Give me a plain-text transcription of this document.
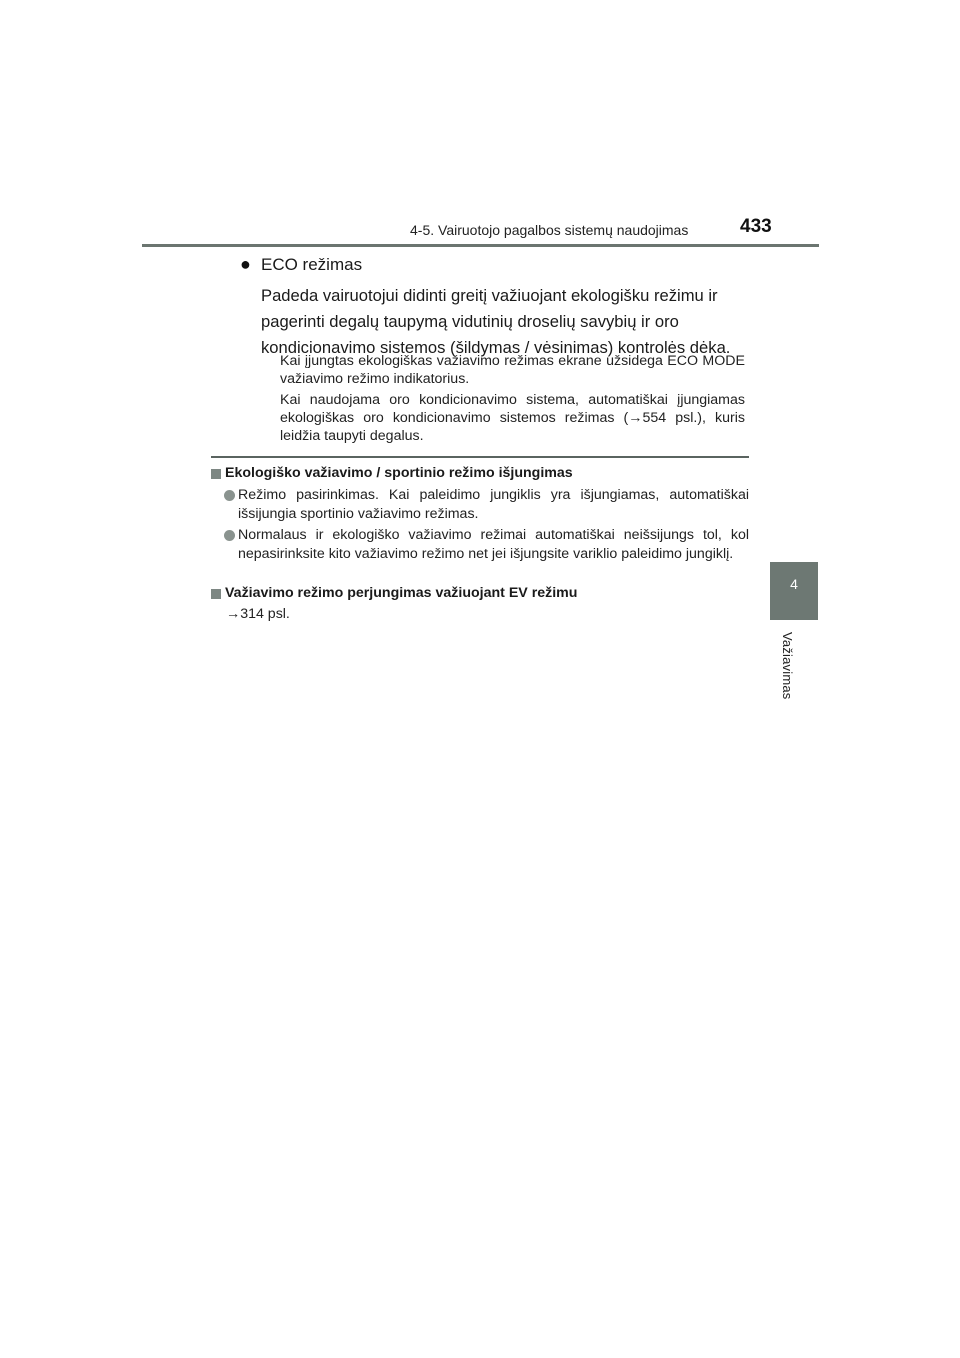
4-5. Vairuotojo pagalbos sistemų naudojimas	433
4
Važiavimas
● ECO režimas
Padeda vairuotojui didinti greitį važiuojant ekologišku režimu ir
pagerinti degalų taupymą vidutinių droselių savybių ir oro
kondicionavimo sistemos (šildymas / vėsinimas) kontrolės dėka.
Kai įjungtas ekologiškas važiavimo režimas ekrane užsidega ECO MODE važiavimo režimo indikatorius.
Kai naudojama oro kondicionavimo sistema, automatiškai įjungiamas ekologiškas oro kondicionavimo sistemos režimas (→554 psl.), kuris leidžia taupyti degalus.
Ekologiško važiavimo / sportinio režimo išjungimas
Režimo pasirinkimas. Kai paleidimo jungiklis yra išjungiamas, automatiškai išsijungia sportinio važiavimo režimas.
Normalaus ir ekologiško važiavimo režimai automatiškai neišsijungs tol, kol nepasirinksite kito važiavimo režimo net jei išjungsite variklio paleidimo jungiklį.
Važiavimo režimo perjungimas važiuojant EV režimu
→314 psl.
